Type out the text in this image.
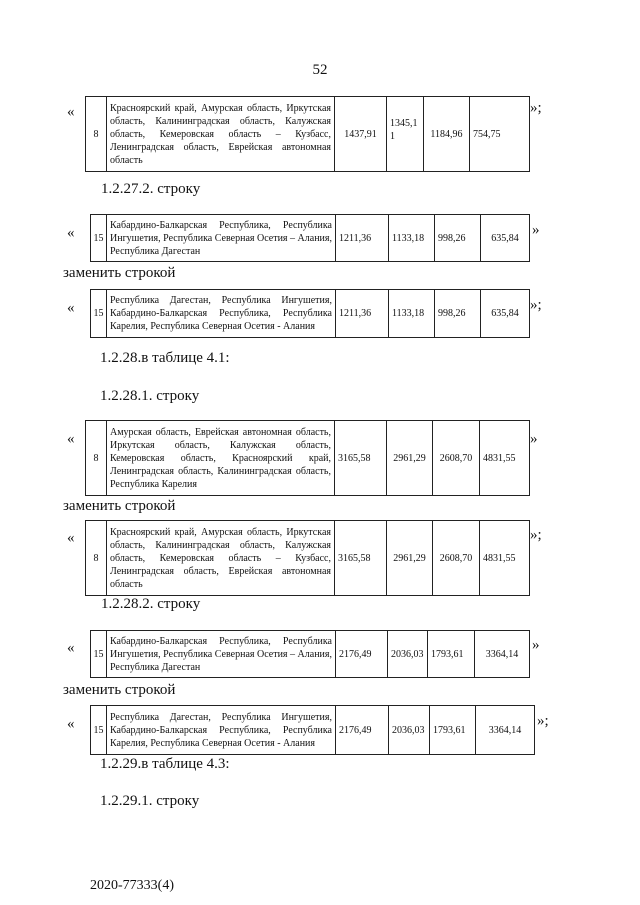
52
«
8	Красноярский край, Амурская область, Иркутская область, Калининградская область, Калужская область, Кемеровская область – Кузбасс, Ленинградская область, Еврейская автономная область	1437,91	1345,1 1	1184,96	754,75
»;
1.2.27.2. строку
« 15	Кабардино-Балкарская Республика, Республика Ингушетия, Республика Северная Осетия – Алания, Республика Дагестан	1211,36	1133,18	998,26	635,84 »
заменить строкой
« 15	Республика Дагестан, Республика Ингушетия, Кабардино-Балкарская Республика, Республика Карелия, Республика Северная Осетия - Алания	1211,36	1133,18	998,26	635,84
»;
1.2.28.в таблице 4.1:
1.2.28.1. строку
«
8	Амурская область, Еврейская автономная область, Иркутская область, Калужская область, Кемеровская область, Красноярский край, Ленинградская область, Калининградская область, Республика Карелия	3165,58	2961,29	2608,70	4831,55
»
заменить строкой
«
8	Красноярский край, Амурская область, Иркутская область, Калининградская область, Калужская область, Кемеровская область – Кузбасс, Ленинградская область, Еврейская автономная область	3165,58	2961,29	2608,70	4831,55
»;
1.2.28.2. строку
« 15	Кабардино-Балкарская Республика, Республика Ингушетия, Республика Северная Осетия – Алания, Республика Дагестан	2176,49	2036,03	1793,61	3364,14
»
заменить строкой
« 15	Республика Дагестан, Республика Ингушетия, Кабардино-Балкарская Республика, Республика Карелия, Республика Северная Осетия - Алания	2176,49	2036,03	1793,61	3364,14
»;
1.2.29.в таблице 4.3:
1.2.29.1. строку
2020-77333(4)
